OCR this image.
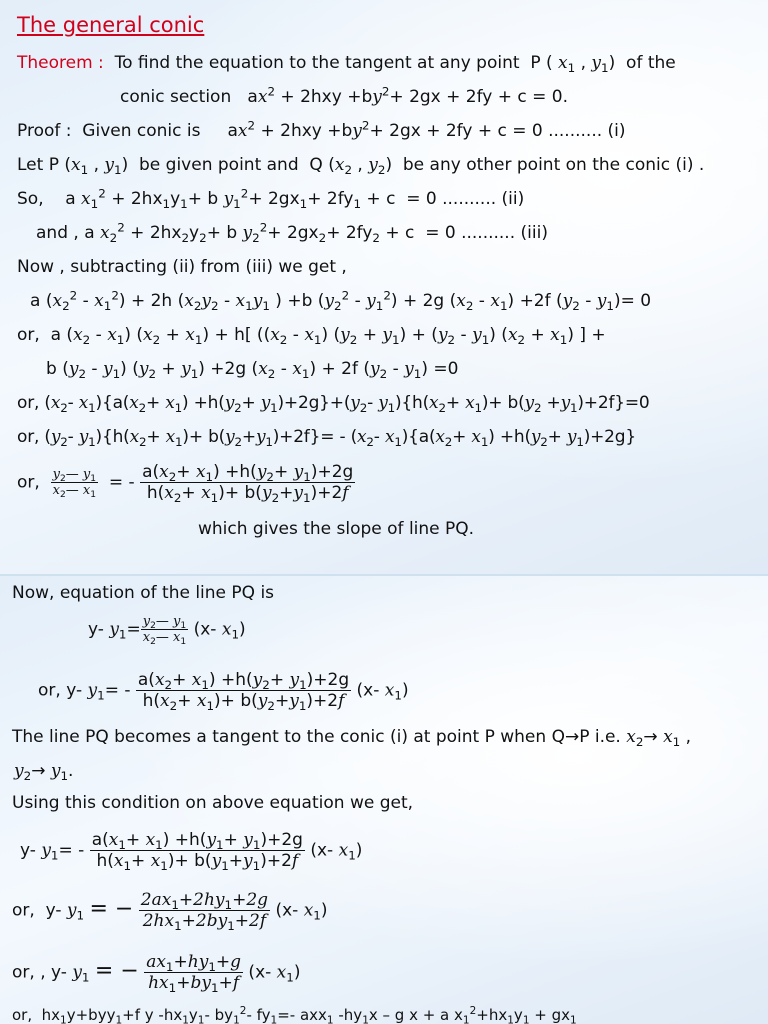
The general conic
Theorem :  To find the equation to the tangent at any point  P ( $x_1$ , $y_1$)  of the
conic section   $ax^2 + 2hxy +by^2+ 2gx + 2fy + c = 0$.
Proof :  Given conic is     $ax^2 + 2hxy +by^2+ 2gx + 2fy + c = 0$ .......... (i)
Let P ($x_1$ , $y_1$)  be given point and  Q ($x_2$ , $y_2$)  be any other point on the conic (i) .
So,    a $x_1^2 + 2hx_1y_1+ b$ $y_1^2+ 2gx_1+ 2fy_1 + c = 0$ .......... (ii)
and , a $x_2^2 + 2hx_2y_2+ b$ $y_2^2+ 2gx_2+ 2fy_2 + c = 0$ .......... (iii)
Now , subtracting (ii) from (iii) we get ,
a $(x_2^2 - x_1^2) + 2h$ ($x_2y_2 - x_1y_1$ ) +b $(y_2^2 - y_1^2) + 2g$ $(x_2 - x_1) +2f$ $(y_2 - y_1)= 0$
or,  a $(x_2 - x_1) (x_2 + x_1) + h$[ ($(x_2 - x_1) (y_2 + y_1) + (y_2 - y_1) (x_2 + x_1)$ ] +
b $(y_2 - y_1) (y_2 + y_1) +2g$ $(x_2 - x_1) + 2f$ $(y_2 - y_1) =0$
or, ($x_2-$ $x_1)\{a(x_2+ x_1) +h(y_2+ y_1)+2g\}+(y_2-$ $y_1)\{h(x_2+ x_1)+ b(y_2 +y_1)+2f\}=0$
or, ($y_2-$ $y_1)\{h(x_2+ x_1)+ b(y_2+y_1)+2f\}= - (x_2-$ $x_1)\{a(x_2+ x_1) +h(y_2+ y_1)+2g\}$
or, $\frac{y_2— y_1}{x_2— x_1}$ = - $\frac{a(x_2+ x_1) +h(y_2+ y_1)+2g}{h(x_2+ x_1)+ b(y_2+y_1)+2f}$
which gives the slope of line PQ.
Now, equation of the line PQ is
y- $y_1= \frac{y_2— y_1}{x_2— x_1} (x-$ $x_1$)
or, y- $y_1= - \frac{a(x_2+ x_1) +h(y_2+ y_1)+2g}{h(x_2+ x_1)+ b(y_2+y_1)+2f} (x-$ $x_1$)
The line PQ becomes a tangent to the conic (i) at point P when Q→P i.e. $x_2\to x_1$ ,
$y_2\to y_1$.
Using this condition on above equation we get,
y- $y_1= - \frac{a(x_1+ x_1) +h(y_1+ y_1)+2g}{h(x_1+ x_1)+ b(y_1+y_1)+2f} (x-$ $x_1$)
or,  y- $y_1$ = − $\frac{2ax_1+2hy_1+2g}{2hx_1+2by_1+2f} (x-$ $x_1$)
or, , y- $y_1$ = − $\frac{ax_1+hy_1+g}{hx_1+by_1+f} (x-$ $x_1$)
or,  $hx_1y+byy_1+f$ y $-hx_1y_1-$ $by_1^2-$ $fy_1=-$ axx$_1$ $-hy_1x$ – g x + a $x_1^2+hx_1y_1 + gx_1$
